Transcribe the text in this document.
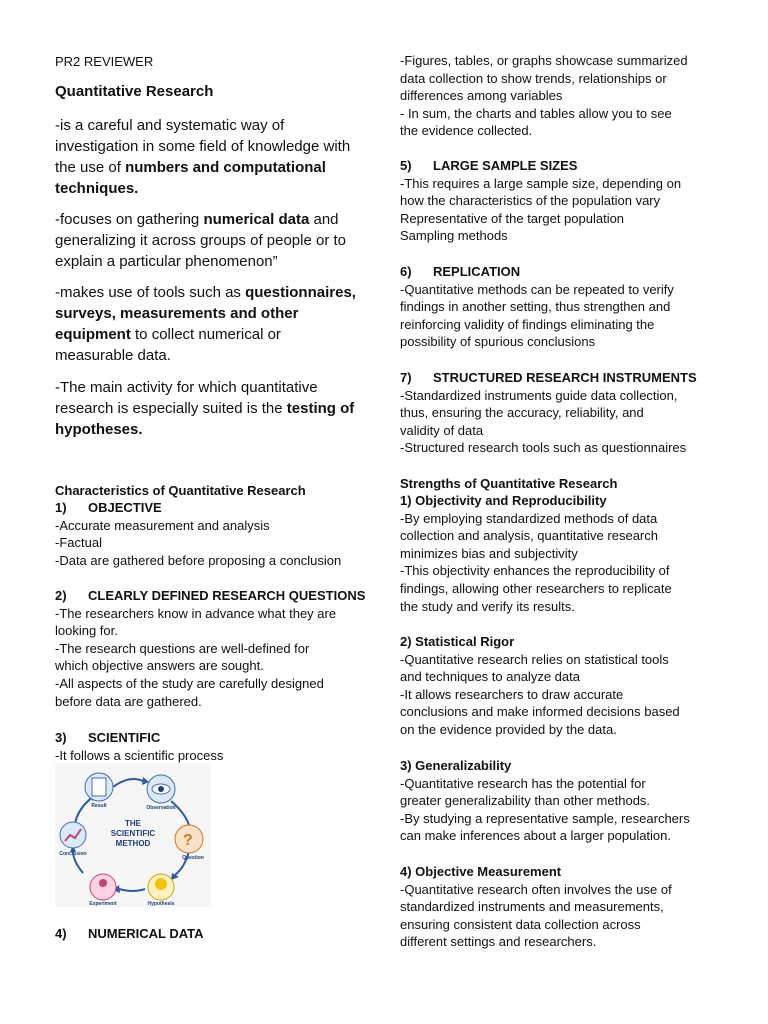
PR2 REVIEWER
Quantitative Research
-is a careful and systematic way of
investigation in some field of knowledge with
the use of numbers and computational
techniques.
-focuses on gathering numerical data and
generalizing it across groups of people or to
explain a particular phenomenon”
-makes use of tools such as questionnaires,
surveys, measurements and other
equipment to collect numerical or
measurable data.
-The main activity for which quantitative
research is especially suited is the testing of
hypotheses.
Characteristics of Quantitative Research
1) OBJECTIVE
-Accurate measurement and analysis
-Factual
-Data are gathered before proposing a conclusion
2) CLEARLY DEFINED RESEARCH QUESTIONS
-The researchers know in advance what they are
looking for.
-The research questions are well-defined for
which objective answers are sought.
-All aspects of the study are carefully designed
before data are gathered.
3) SCIENTIFIC
-It follows a scientific process
4) NUMERICAL DATA
?
THE
SCIENTIFIC
METHOD
Result	Observation
Question
Hypothesis
Experiment
Conclusion
-Figures, tables, or graphs showcase summarized
data collection to show trends, relationships or
differences among variables
- In sum, the charts and tables allow you to see
the evidence collected.
5) LARGE SAMPLE SIZES
-This requires a large sample size, depending on
how the characteristics of the population vary
Representative of the target population
Sampling methods
6) REPLICATION
-Quantitative methods can be repeated to verify
findings in another setting, thus strengthen and
reinforcing validity of findings eliminating the
possibility of spurious conclusions
7) STRUCTURED RESEARCH INSTRUMENTS
-Standardized instruments guide data collection,
thus, ensuring the accuracy, reliability, and
validity of data
-Structured research tools such as questionnaires
Strengths of Quantitative Research
1) Objectivity and Reproducibility
-By employing standardized methods of data
collection and analysis, quantitative research
minimizes bias and subjectivity
-This objectivity enhances the reproducibility of
findings, allowing other researchers to replicate
the study and verify its results.
2) Statistical Rigor
-Quantitative research relies on statistical tools
and techniques to analyze data
-It allows researchers to draw accurate
conclusions and make informed decisions based
on the evidence provided by the data.
3) Generalizability
-Quantitative research has the potential for
greater generalizability than other methods.
-By studying a representative sample, researchers
can make inferences about a larger population.
4) Objective Measurement
-Quantitative research often involves the use of
standardized instruments and measurements,
ensuring consistent data collection across
different settings and researchers.
